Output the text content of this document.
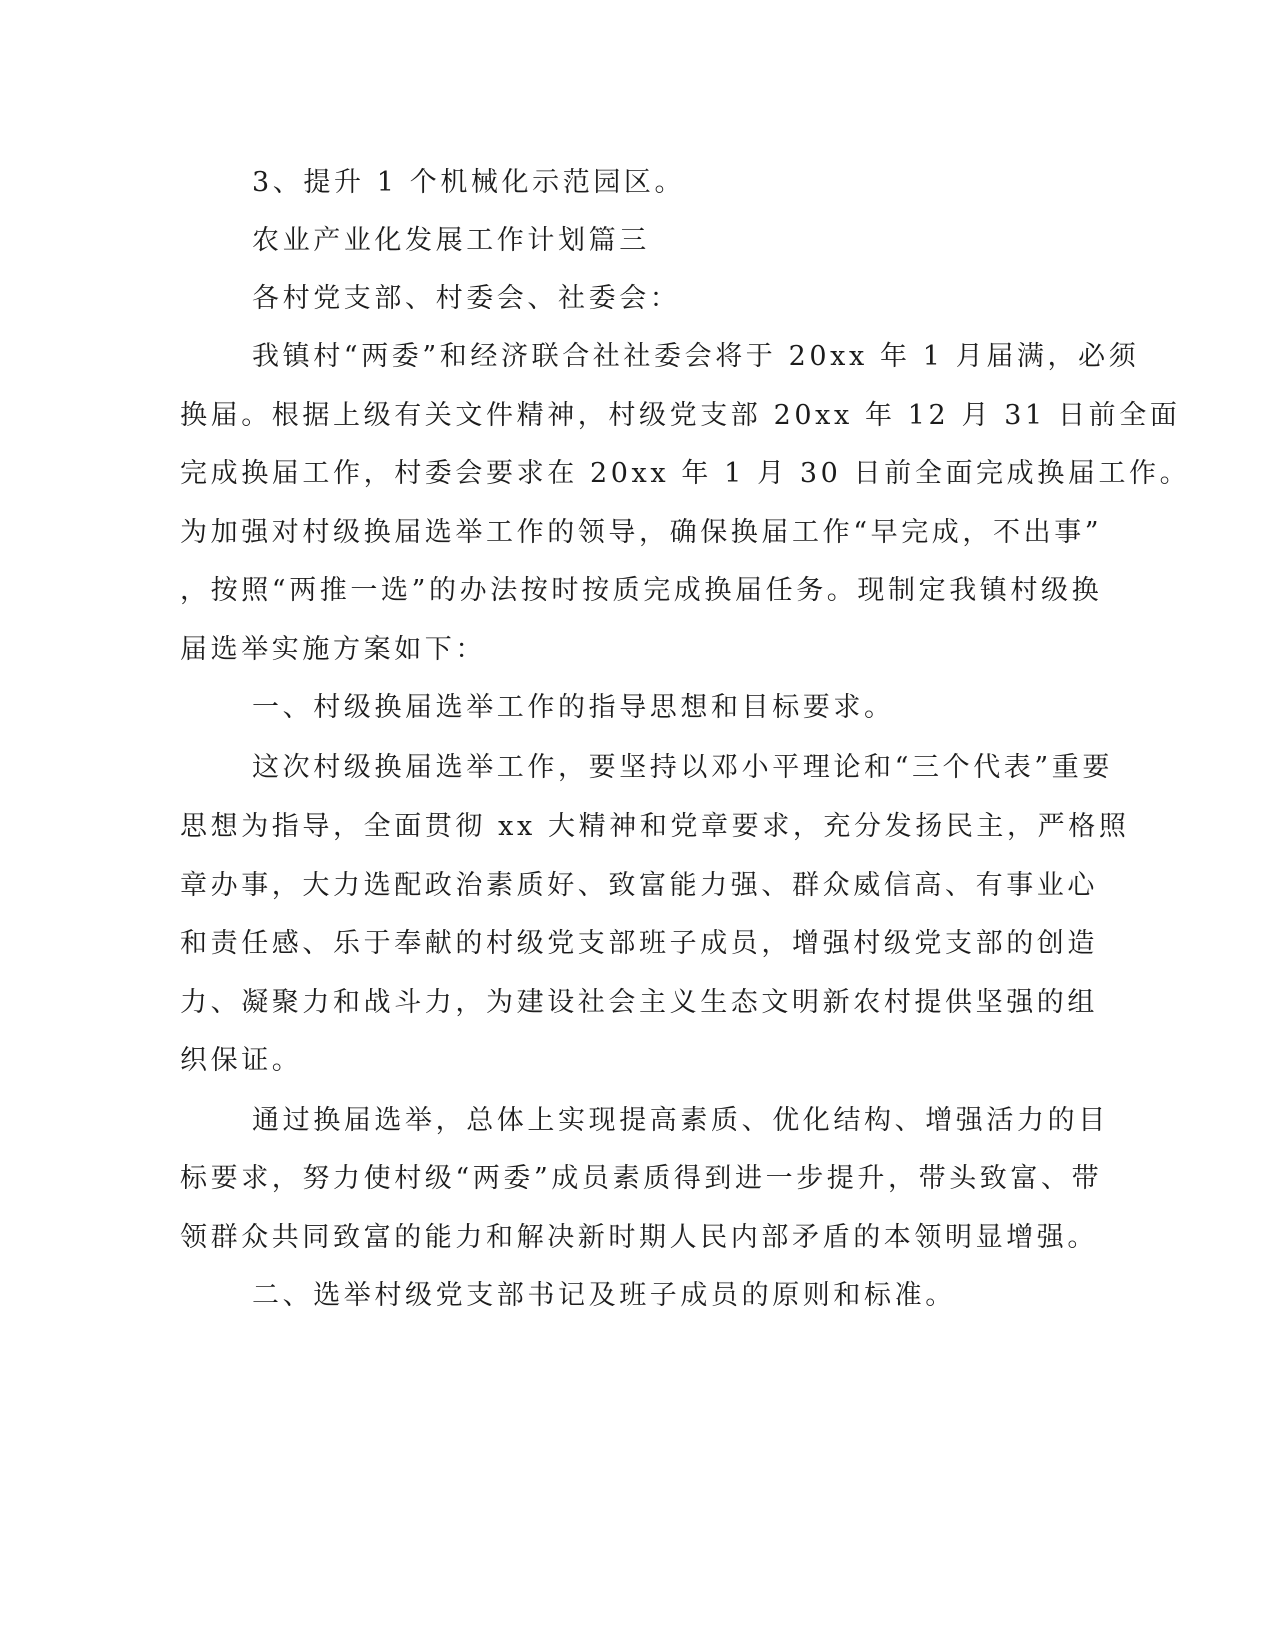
3、提升 1 个机械化示范园区。

农业产业化发展工作计划篇三

各村党支部、村委会、社委会：

我镇村“两委”和经济联合社社委会将于 20xx 年 1 月届满，必须

换届。根据上级有关文件精神，村级党支部 20xx 年 12 月 31 日前全面

完成换届工作，村委会要求在 20xx 年 1 月 30 日前全面完成换届工作。

为加强对村级换届选举工作的领导，确保换届工作“早完成，不出事”

，按照“两推一选”的办法按时按质完成换届任务。现制定我镇村级换

届选举实施方案如下：

一、村级换届选举工作的指导思想和目标要求。

这次村级换届选举工作，要坚持以邓小平理论和“三个代表”重要

思想为指导，全面贯彻 xx 大精神和党章要求，充分发扬民主，严格照

章办事，大力选配政治素质好、致富能力强、群众威信高、有事业心

和责任感、乐于奉献的村级党支部班子成员，增强村级党支部的创造

力、凝聚力和战斗力，为建设社会主义生态文明新农村提供坚强的组

织保证。

通过换届选举，总体上实现提高素质、优化结构、增强活力的目

标要求，努力使村级“两委”成员素质得到进一步提升，带头致富、带

领群众共同致富的能力和解决新时期人民内部矛盾的本领明显增强。

二、选举村级党支部书记及班子成员的原则和标准。
